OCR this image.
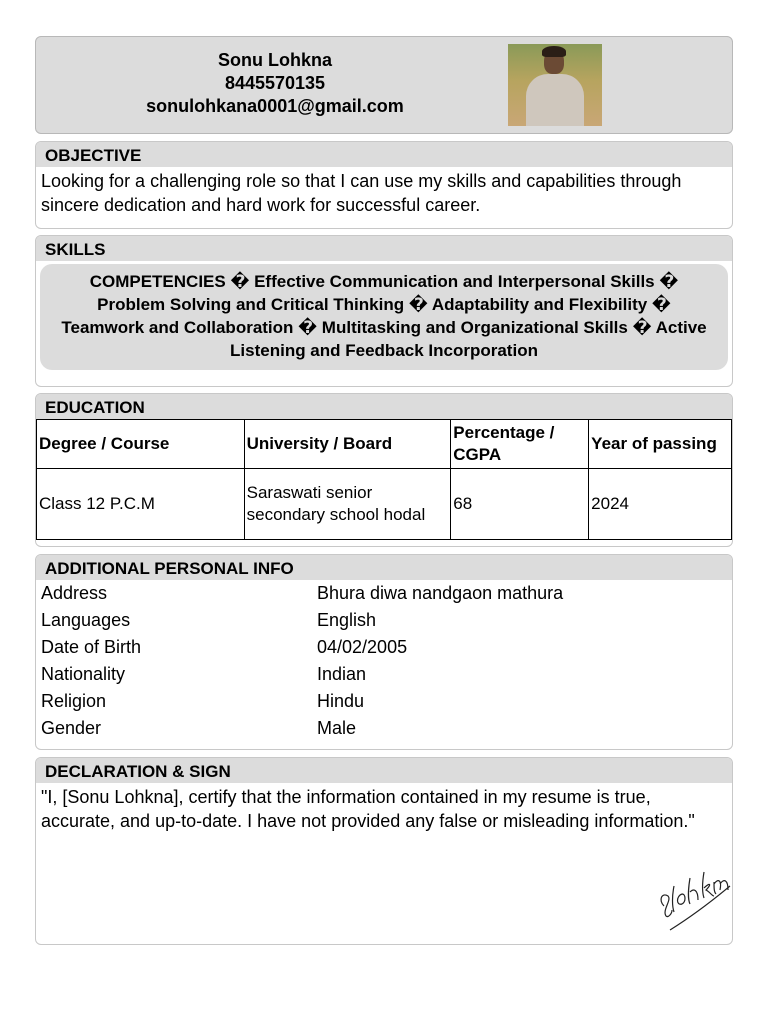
Sonu Lohkna
8445570135
sonulohkana0001@gmail.com
OBJECTIVE
Looking for a challenging role so that I can use my skills and capabilities through sincere dedication and hard work for successful career.
SKILLS
COMPETENCIES � Effective Communication and Interpersonal Skills � Problem Solving and Critical Thinking � Adaptability and Flexibility � Teamwork and Collaboration � Multitasking and Organizational Skills � Active Listening and Feedback Incorporation
EDUCATION
Degree / Course	University / Board	Percentage / CGPA	Year of passing
Class 12 P.C.M	Saraswati senior secondary school hodal	68	2024
ADDITIONAL PERSONAL INFO
Address	Bhura diwa nandgaon mathura
Languages	English
Date of Birth	04/02/2005
Nationality	Indian
Religion	Hindu
Gender	Male
DECLARATION & SIGN
"I, [Sonu Lohkna], certify that the information contained in my resume is true, accurate, and up-to-date. I have not provided any false or misleading information."
